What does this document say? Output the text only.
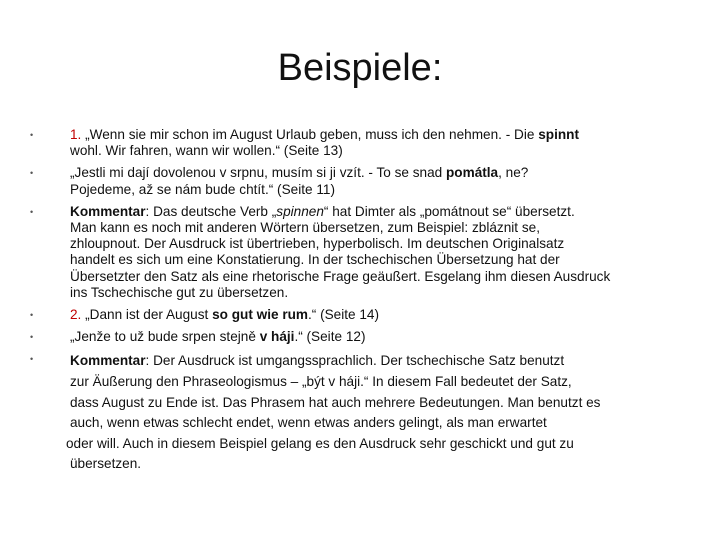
Beispiele:
•	1. „Wenn sie mir schon im August Urlaub geben, muss ich den nehmen. - Die spinnt
wohl. Wir fahren, wann wir wollen.“ (Seite 13)
•	„Jestli mi dají dovolenou v srpnu, musím si ji vzít. - To se snad pomátla, ne?
Pojedeme, až se nám bude chtít.“ (Seite 11)
•	Kommentar: Das deutsche Verb „spinnen“ hat Dimter als „pomátnout se“ übersetzt.
Man kann es noch mit anderen Wörtern übersetzen, zum Beispiel: zbláznit se,
zhloupnout. Der Ausdruck ist übertrieben, hyperbolisch. Im deutschen Originalsatz
handelt es sich um eine Konstatierung. In der tschechischen Übersetzung hat der
Übersetzter den Satz als eine rhetorische Frage geäußert. Esgelang ihm diesen Ausdruck
ins Tschechische gut zu übersetzen.
•	2. „Dann ist der August so gut wie rum.“ (Seite 14)
•	„Jenže to už bude srpen stejně v háji.“ (Seite 12)
•	Kommentar: Der Ausdruck ist umgangssprachlich. Der tschechische Satz benutzt
zur Äußerung den Phraseologismus – „být v háji.“ In diesem Fall bedeutet der Satz,
dass August zu Ende ist. Das Phrasem hat auch mehrere Bedeutungen. Man benutzt es
auch, wenn etwas schlecht endet, wenn etwas anders gelingt, als man erwartet
oder will. Auch in diesem Beispiel gelang es den Ausdruck sehr geschickt und gut zu
übersetzen.
